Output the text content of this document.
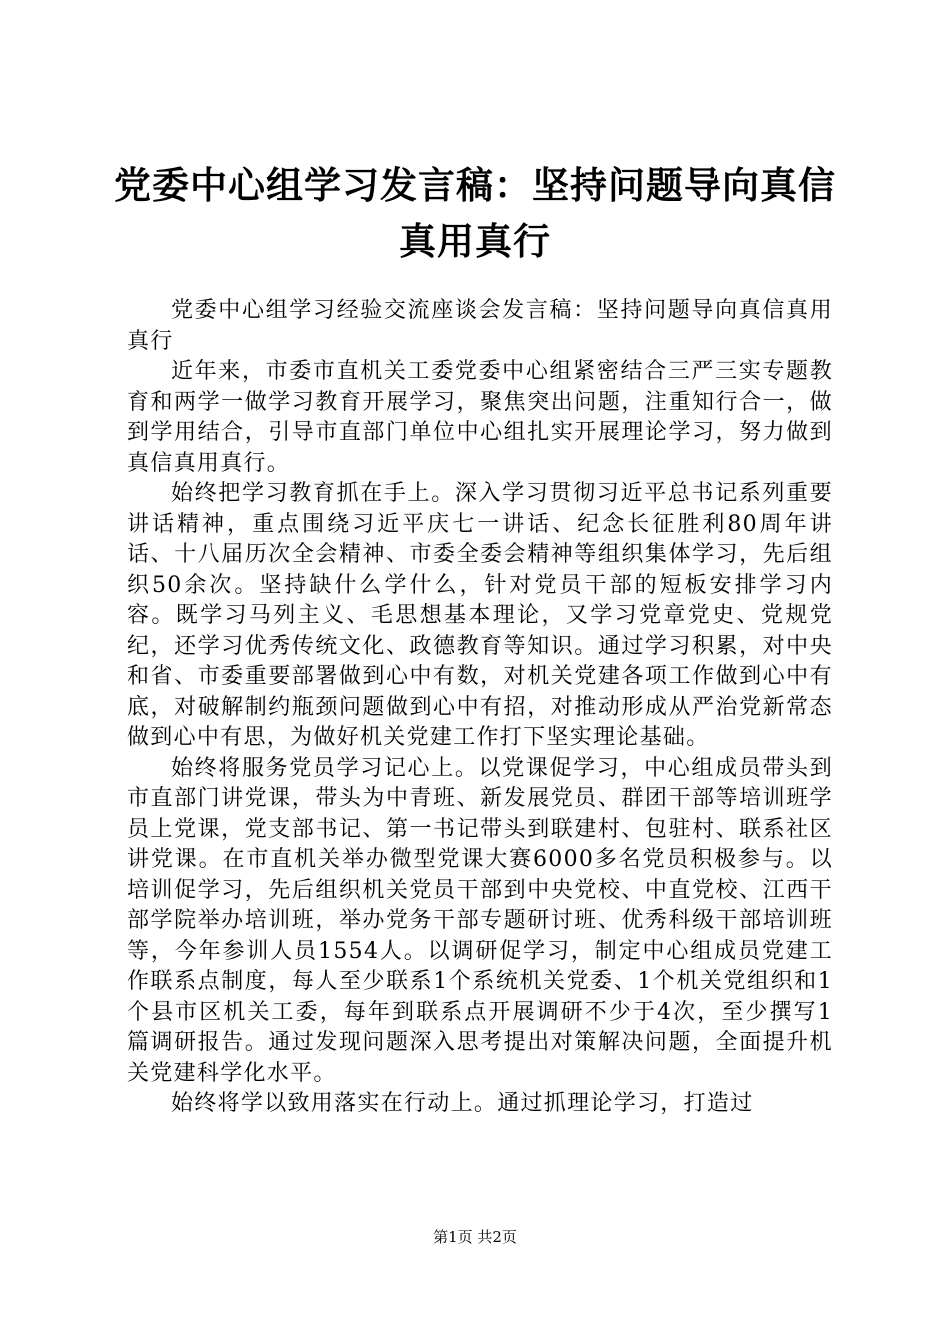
党委中心组学习发言稿：坚持问题导向真信真用真行

党委中心组学习经验交流座谈会发言稿：坚持问题导向真信真用真行

近年来，市委市直机关工委党委中心组紧密结合三严三实专题教育和两学一做学习教育开展学习，聚焦突出问题，注重知行合一，做到学用结合，引导市直部门单位中心组扎实开展理论学习，努力做到真信真用真行。

始终把学习教育抓在手上。深入学习贯彻习近平总书记系列重要讲话精神，重点围绕习近平庆七一讲话、纪念长征胜利80周年讲话、十八届历次全会精神、市委全委会精神等组织集体学习，先后组织50余次。坚持缺什么学什么，针对党员干部的短板安排学习内容。既学习马列主义、毛思想基本理论，又学习党章党史、党规党纪，还学习优秀传统文化、政德教育等知识。通过学习积累，对中央和省、市委重要部署做到心中有数，对机关党建各项工作做到心中有底，对破解制约瓶颈问题做到心中有招，对推动形成从严治党新常态做到心中有思，为做好机关党建工作打下坚实理论基础。

始终将服务党员学习记心上。以党课促学习，中心组成员带头到市直部门讲党课，带头为中青班、新发展党员、群团干部等培训班学员上党课，党支部书记、第一书记带头到联建村、包驻村、联系社区讲党课。在市直机关举办微型党课大赛6000多名党员积极参与。以培训促学习，先后组织机关党员干部到中央党校、中直党校、江西干部学院举办培训班，举办党务干部专题研讨班、优秀科级干部培训班等，今年参训人员1554人。以调研促学习，制定中心组成员党建工作联系点制度，每人至少联系1个系统机关党委、1个机关党组织和1个县市区机关工委，每年到联系点开展调研不少于4次，至少撰写1篇调研报告。通过发现问题深入思考提出对策解决问题，全面提升机关党建科学化水平。

始终将学以致用落实在行动上。通过抓理论学习，打造过

第1页 共2页
